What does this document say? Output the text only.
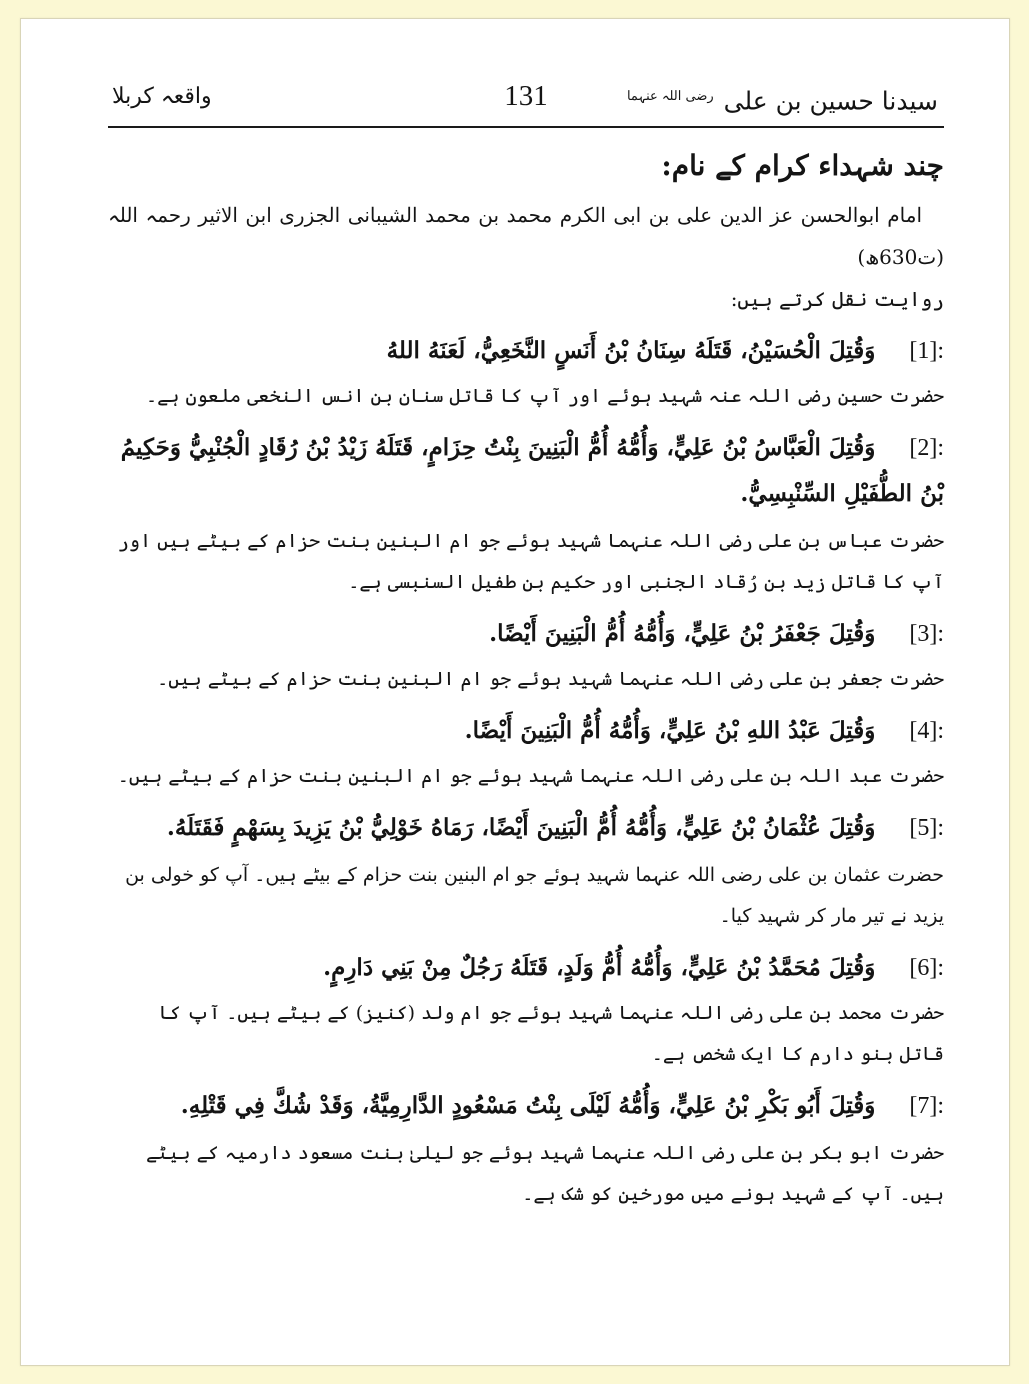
سیدنا حسین بن علی $^{رضی اللہ عنہما}$
131
واقعہ کربلا
چند شہداء کرام کے نام:
امام ابوالحسن عز الدین علی بن ابی الکرم محمد بن محمد الشیبانی الجزری ابن الاثیر رحمہ اللہ (ت630ھ)
روایت نقل کرتے ہیں:
[1]:وَقُتِلَ الْحُسَيْنُ، قَتَلَهُ سِنَانُ بْنُ أَنَسٍ النَّخَعِيُّ، لَعَنَهُ اللهُ
حضرت حسین رضی اللہ عنہ شہید ہوئے اور آپ کا قاتل سنان بن انس النخعی ملعون ہے۔
[2]:وَقُتِلَ الْعَبَّاسُ بْنُ عَلِيٍّ، وَأُمُّهُ أُمُّ الْبَنِينَ بِنْتُ حِزَامٍ، قَتَلَهُ زَيْدُ بْنُ رُقَادٍ الْجُنْبِيُّ وَحَكِيمُ بْنُ الطُّفَيْلِ السِّنْبِسِيُّ.
حضرت عباس بن علی رضی اللہ عنہما شہید ہوئے جو ام البنین بنت حزام کے بیٹے ہیں اور آپ کا قاتل زید بن رُقاد الجنبی اور حکیم بن طفیل السنبسی ہے۔
[3]:وَقُتِلَ جَعْفَرُ بْنُ عَلِيٍّ، وَأُمُّهُ أُمُّ الْبَنِينَ أَيْضًا.
حضرت جعفر بن علی رضی اللہ عنہما شہید ہوئے جو ام البنین بنت حزام کے بیٹے ہیں۔
[4]:وَقُتِلَ عَبْدُ اللهِ بْنُ عَلِيٍّ، وَأُمُّهُ أُمُّ الْبَنِينَ أَيْضًا.
حضرت عبد اللہ بن علی رضی اللہ عنہما شہید ہوئے جو ام البنین بنت حزام کے بیٹے ہیں۔
[5]:وَقُتِلَ عُثْمَانُ بْنُ عَلِيٍّ، وَأُمُّهُ أُمُّ الْبَنِينَ أَيْضًا، رَمَاهُ خَوْلِيُّ بْنُ يَزِيدَ بِسَهْمٍ فَقَتَلَهُ.
حضرت عثمان بن علی رضی اللہ عنہما شہید ہوئے جو ام البنین بنت حزام کے بیٹے ہیں۔ آپ کو خولی بن یزید نے تیر مار کر شہید کیا۔
[6]:وَقُتِلَ مُحَمَّدُ بْنُ عَلِيٍّ، وَأُمُّهُ أُمُّ وَلَدٍ، قَتَلَهُ رَجُلٌ مِنْ بَنِي دَارِمٍ.
حضرت محمد بن علی رضی اللہ عنہما شہید ہوئے جو ام ولد (کنیز) کے بیٹے ہیں۔ آپ کا قاتل بنو دارم کا ایک شخص ہے۔
[7]:وَقُتِلَ أَبُو بَكْرِ بْنُ عَلِيٍّ، وَأُمُّهُ لَيْلَى بِنْتُ مَسْعُودٍ الدَّارِمِيَّةُ، وَقَدْ شُكَّ فِي قَتْلِهِ.
حضرت ابو بکر بن علی رضی اللہ عنہما شہید ہوئے جو لیلیٰ بنت مسعود دارمیہ کے بیٹے ہیں۔ آپ کے شہید ہونے میں مورخین کو شک ہے۔
